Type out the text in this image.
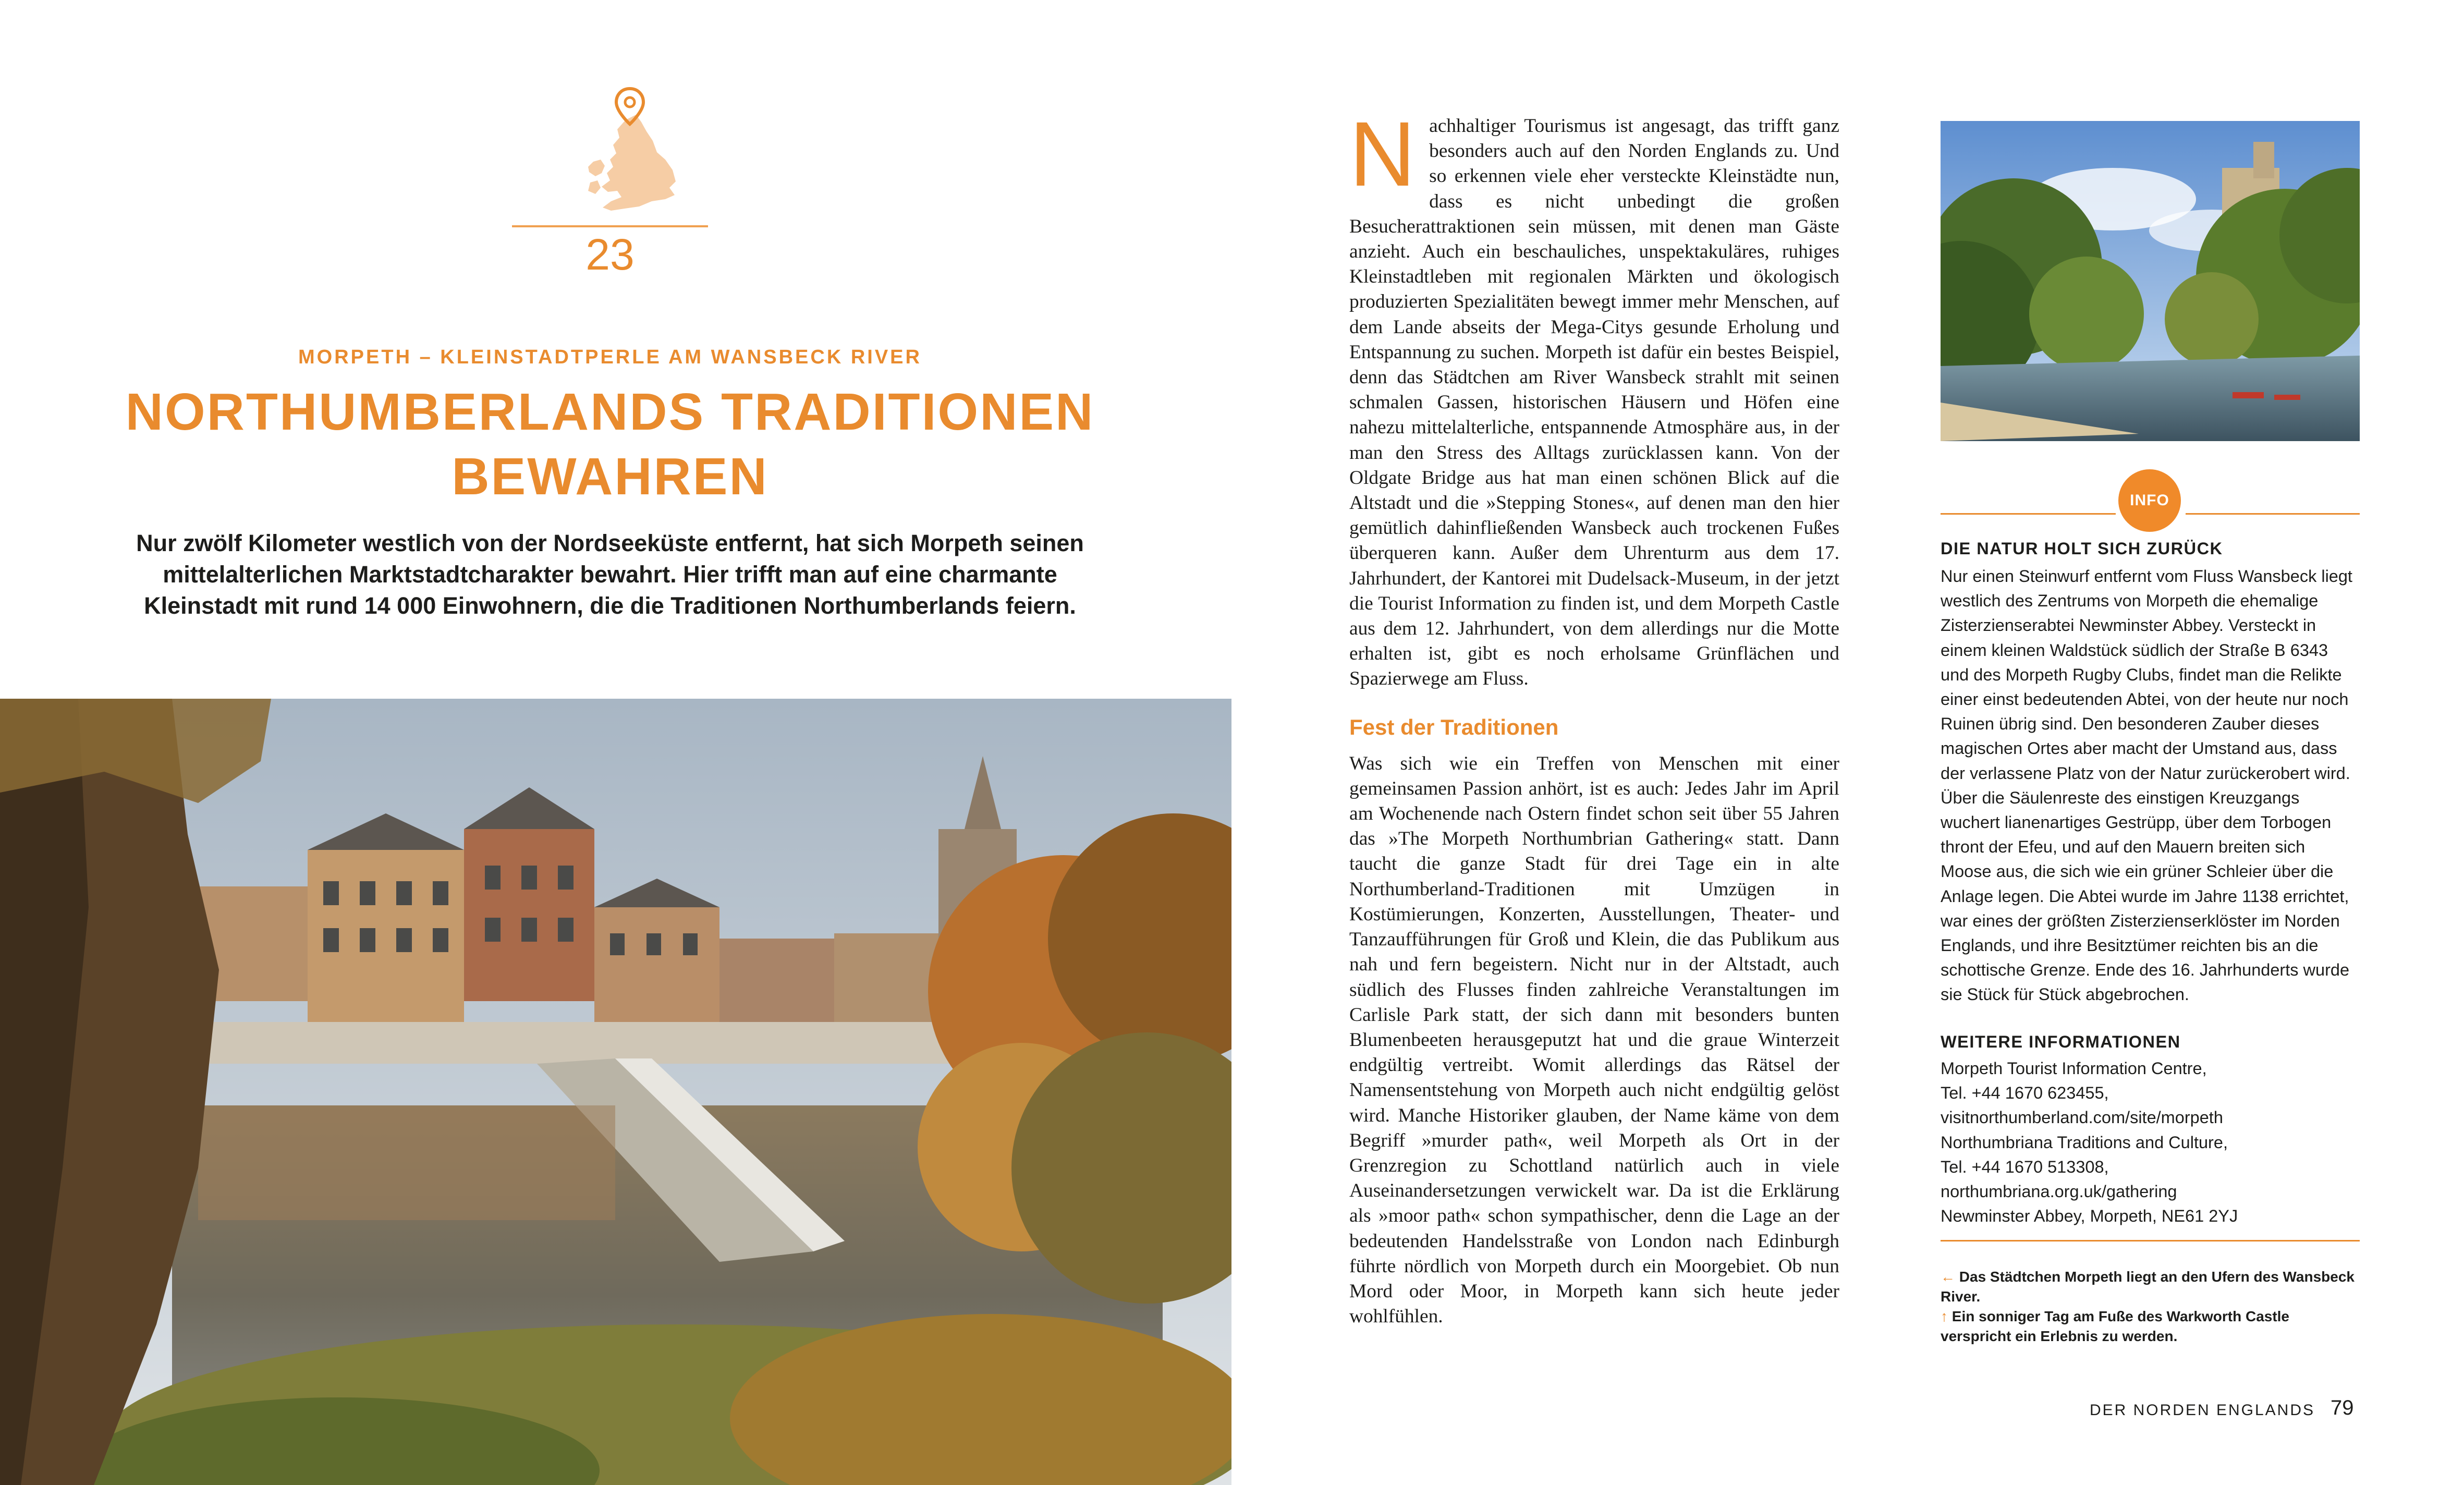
23
MORPETH – KLEINSTADTPERLE AM WANSBECK RIVER
NORTHUMBERLANDS TRADITIONEN
BEWAHREN
Nur zwölf Kilometer westlich von der Nordseeküste entfernt, hat sich Morpeth seinen mittelalterlichen Marktstadtcharakter bewahrt. Hier trifft man auf eine charmante Kleinstadt mit rund 14 000 Einwohnern, die die Traditionen Northumberlands feiern.

Nachhaltiger Tourismus ist angesagt, das trifft ganz besonders auch auf den Norden Englands zu. Und so erkennen viele eher versteckte Kleinstädte nun, dass es nicht unbedingt die großen Besucherattraktionen sein müssen, mit denen man Gäste anzieht. Auch ein beschauliches, unspektakuläres, ruhiges Kleinstadtleben mit regionalen Märkten und ökologisch produzierten Spezialitäten bewegt immer mehr Menschen, auf dem Lande abseits der Mega-Citys gesunde Erholung und Entspannung zu suchen. Morpeth ist dafür ein bestes Beispiel, denn das Städtchen am River Wansbeck strahlt mit seinen schmalen Gassen, historischen Häusern und Höfen eine nahezu mittelalterliche, entspannende Atmosphäre aus, in der man den Stress des Alltags zurücklassen kann. Von der Oldgate Bridge aus hat man einen schönen Blick auf die Altstadt und die »Stepping Stones«, auf denen man den hier gemütlich dahinfließenden Wansbeck auch trockenen Fußes überqueren kann. Außer dem Uhrenturm aus dem 17. Jahrhundert, der Kantorei mit Dudelsack-Museum, in der jetzt die Tourist Information zu finden ist, und dem Morpeth Castle aus dem 12. Jahrhundert, von dem allerdings nur die Motte erhalten ist, gibt es noch erholsame Grünflächen und Spazierwege am Fluss.

Fest der Traditionen

Was sich wie ein Treffen von Menschen mit einer gemeinsamen Passion anhört, ist es auch: Jedes Jahr im April am Wochenende nach Ostern findet schon seit über 55 Jahren das »The Morpeth Northumbrian Gathering« statt. Dann taucht die ganze Stadt für drei Tage ein in alte Northumberland-Traditionen mit Umzügen in Kostümierungen, Konzerten, Ausstellungen, Theater- und Tanzaufführungen für Groß und Klein, die das Publikum aus nah und fern begeistern. Nicht nur in der Altstadt, auch südlich des Flusses finden zahlreiche Veranstaltungen im Carlisle Park statt, der sich dann mit besonders bunten Blumenbeeten herausgeputzt hat und die graue Winterzeit endgültig vertreibt. Womit allerdings das Rätsel der Namensentstehung von Morpeth auch nicht endgültig gelöst wird. Manche Historiker glauben, der Name käme von dem Begriff »murder path«, weil Morpeth als Ort in der Grenzregion zu Schottland natürlich auch in viele Auseinandersetzungen verwickelt war. Da ist die Erklärung als »moor path« schon sympathischer, denn die Lage an der bedeutenden Handelsstraße von London nach Edinburgh führte nördlich von Morpeth durch ein Moorgebiet. Ob nun Mord oder Moor, in Morpeth kann sich heute jeder wohlfühlen.

INFO
DIE NATUR HOLT SICH ZURÜCK
Nur einen Steinwurf entfernt vom Fluss Wansbeck liegt westlich des Zentrums von Morpeth die ehemalige Zisterzienserabtei Newminster Abbey. Versteckt in einem kleinen Waldstück südlich der Straße B 6343 und des Morpeth Rugby Clubs, findet man die Relikte einer einst bedeutenden Abtei, von der heute nur noch Ruinen übrig sind. Den besonderen Zauber dieses magischen Ortes aber macht der Umstand aus, dass der verlassene Platz von der Natur zurückerobert wird. Über die Säulenreste des einstigen Kreuzgangs wuchert lianenartiges Gestrüpp, über dem Torbogen thront der Efeu, und auf den Mauern breiten sich Moose aus, die sich wie ein grüner Schleier über die Anlage legen. Die Abtei wurde im Jahre 1138 errichtet, war eines der größten Zisterzienserklöster im Norden Englands, und ihre Besitztümer reichten bis an die schottische Grenze. Ende des 16. Jahrhunderts wurde sie Stück für Stück abgebrochen.
WEITERE INFORMATIONEN
Morpeth Tourist Information Centre,
Tel. +44 1670 623455,
visitnorthumberland.com/site/morpeth
Northumbriana Traditions and Culture,
Tel. +44 1670 513308,
northumbriana.org.uk/gathering
Newminster Abbey, Morpeth, NE61 2YJ
← Das Städtchen Morpeth liegt an den Ufern des Wansbeck River.
↑ Ein sonniger Tag am Fuße des Warkworth Castle verspricht ein Erlebnis zu werden.
DER NORDEN ENGLANDS 79
